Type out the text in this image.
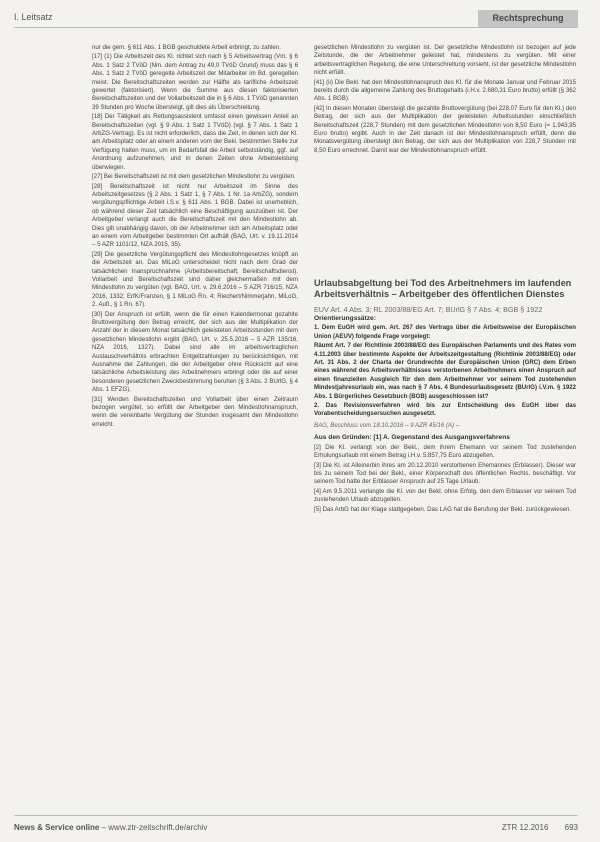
I. Leitsatz	Rechtsprechung

nur die gem. § 611 Abs. 1 BGB geschuldete Arbeit erbringt, zu zahlen.

[17] (1) Die Arbeitszeit des Kl. richtet sich nach § 5 Arbeitsvertrag (Vm. § 6 Abs. 1 Satz 2 TVöD (Nm. dem Antrag zu 49,0 TVöD Grund) muss das § 6 Abs. 1 Satz 2 TVöD geregelte Arbeitszeit der Mitarbeiter im Bd. geregelten meist. Die Bereitschaftszeiten werden zur Hälfte als tarifliche Arbeitszeit gewertet (faktorisiert). Wenn die Summe aus diesen faktorisierten Bereitschaftszeiten und der Vollarbeitszeit die in § 6 Abs. 1 TVöD genannten 39 Stunden pro Woche übersteigt, gilt dies als Überschreitung.

[18] Der Tätigkeit als Rettungsassistent umfasst einen gewissen Anteil an Bereitschaftszeiten (vgl. § 9 Abs. 1 Satz 1 TVöD) (vgl. § 7 Abs. 1 Satz 1 ArbZG-Vertrag). Es ist nicht erforderlich, dass die Zeit, in denen sich der Kl. am Arbeitsplatz oder an einem anderen vom der Bekl. bestimmten Stelle zur Verfügung halten muss, um im Bedarfsfall die Arbeit selbstständig, ggf. auf Anordnung aufzunehmen, und in denen Zeiten ohne Arbeitsleistung überwiegen.

[27] Bei Bereitschaftszeit ist mit dem gesetzlichen Mindestlohn zu vergüten.

[28] Bereitschaftszeit ist nicht nur Arbeitszeit im Sinne des Arbeitszeitgesetzes (§ 2 Abs. 1 Satz 1, § 7 Abs. 1 Nr. 1a ArbZG), sondern vergütungspflichtige Arbeit i.S.v. § 611 Abs. 1 BGB. Dabei ist unerheblich, ob während dieser Zeit tatsächlich eine Beschäftigung auszuüben ist. Der Arbeitgeber verlangt auch die Bereitschaftszeit mit den Mindestlohn ab. Dies gilt unabhängig davon, ob der Arbeitnehmer sich am Arbeitsplatz oder an einem vom Arbeitgeber bestimmten Ort aufhält (BAG, Urt. v. 19.11.2014 – 5 AZR 1101/12, NZA 2015, 35).

[29] Die gesetzliche Vergütungspflicht des Mindestlohngesetzes knüpft an die Arbeitszeit an. Das MiLoG unterscheidet nicht nach dem Grad der tatsächlichen Inanspruchnahme (Arbeitsbereitschaft, Bereitschaftsdienst). Vollarbeit und Bereitschaftszeit sind daher gleichermaßen mit dem Mindestlohn zu vergüten (vgl. BAG, Urt. v. 29.6.2016 – 5 AZR 716/15, NZA 2016, 1332; ErfK/Franzen, § 1 MiLoG Rn. 4; Riechert/Nimmerjahn, MiLoG, 2. Aufl., § 1 Rn. 67).

[30] Der Anspruch ist erfüllt, wenn die für einen Kalendermonat gezahlte Bruttovergütung den Betrag erreicht, der sich aus der Multiplikation der Anzahl der in diesem Monat tatsächlich geleisteten Arbeitsstunden mit dem gesetzlichen Mindestlohn ergibt (BAG, Urt. v. 25.5.2016 – 5 AZR 135/16, NZA 2016, 1327). Dabei sind alle im arbeitsvertraglichen Austauschverhältnis erbrachten Entgeltzahlungen zu berücksichtigen, mit Ausnahme der Zahlungen, die der Arbeitgeber ohne Rücksicht auf eine tatsächliche Arbeitsleistung des Arbeitnehmers erbringt oder die auf einer besonderen gesetzlichen Zweckbestimmung beruhen (§ 3 Abs. 2 BUrlG, § 4 Abs. 1 EFZG).

[31] Werden Bereitschaftszeiten und Vollarbeit über einen Zeitraum bezogen vergütet, so erfüllt der Arbeitgeber den Mindestlohnanspruch, wenn die vereinbarte Vergütung der Stunden insgesamt den Mindestlohn erreicht.

gesetzlichen Mindestlohn zu vergüten ist. Der gesetzliche Mindestlohn ist bezogen auf jede Zeitstunde, die der Arbeitnehmer geleistet hat, mindestens zu vergüten. Mit einer arbeitsvertraglichen Regelung, die eine Unterschreitung vorsieht, ist der gesetzliche Mindestlohn nicht erfüllt.

[41] (ii) Die Bekl. hat den Mindestlohnanspruch des Kl. für die Monate Januar und Februar 2015 bereits durch die allgemeine Zahlung des Bruttogehalts (i.H.v. 2.680,31 Euro brutto) erfüllt (§ 362 Abs. 1 BGB).

[42] In diesen Monaten übersteigt die gezahlte Bruttovergütung (bei 228,07 Euro für den Kl.) den Betrag, der sich aus der Multiplikation der geleisteten Arbeitsstunden einschließlich Bereitschaftszeit (228,7 Stunden) mit dem gesetzlichen Mindestlohn von 8,50 Euro (= 1.943,95 Euro brutto) ergibt. Auch in der Zeit danach ist der Mindestlohnanspruch erfüllt, denn die Monatsvergütung übersteigt den Betrag, der sich aus der Multiplikation von 228,7 Stunden mit 8,50 Euro errechnet. Damit war der Mindestlohnanspruch erfüllt.

Urlaubsabgeltung bei Tod des Arbeitnehmers im laufenden Arbeitsverhältnis – Arbeitgeber des öffentlichen Dienstes

EUV Art. 4 Abs. 3; RL 2003/88/EG Art. 7; BUrlG § 7 Abs. 4; BGB § 1922

Orientierungssätze:

1. Dem EuGH wird gem. Art. 267 des Vertrags über die Arbeitsweise der Europäischen Union (AEUV) folgende Frage vorgelegt:

Räumt Art. 7 der Richtlinie 2003/88/EG des Europäischen Parlaments und des Rates vom 4.11.2003 über bestimmte Aspekte der Arbeitszeitgestaltung (Richtlinie 2003/88/EG) oder Art. 31 Abs. 2 der Charta der Grundrechte der Europäischen Union (GRC) dem Erben eines während des Arbeitsverhältnisses verstorbenen Arbeitnehmers einen Anspruch auf einen finanziellen Ausgleich für den dem Arbeitnehmer vor seinem Tod zustehenden Mindestjahresurlaub ein, was nach § 7 Abs. 4 Bundesurlaubsgesetz (BUrlG) i.V.m. § 1922 Abs. 1 Bürgerliches Gesetzbuch (BGB) ausgeschlossen ist?

2. Das Revisionsverfahren wird bis zur Entscheidung des EuGH über das Vorabentscheidungsersuchen ausgesetzt.

BAG, Beschluss vom 18.10.2016 – 9 AZR 45/16 (A) –

Aus den Gründen: [1] A. Gegenstand des Ausgangsverfahrens

[2] Die Kl. verlangt von der Bekl., dem ihrem Ehemann vor seinem Tod zustehenden Erholungsurlaub mit einem Betrag i.H.v. 5.857,75 Euro abzugelten.

[3] Die Kl. ist Alleinerbin ihres am 20.12.2010 verstorbenen Ehemannes (Erblasser). Dieser war bis zu seinem Tod bei der Bekl., einer Körperschaft des öffentlichen Rechts, beschäftigt. Vor seinem Tod hatte der Erblasser Anspruch auf 25 Tage Urlaub.

[4] Am 9.5.2011 verlangte die Kl. von der Bekl. ohne Erfolg, den dem Erblasser vor seinem Tod zustehenden Urlaub abzugelten.

[5] Das ArbG hat der Klage stattgegeben. Das LAG hat die Berufung der Bekl. zurückgewiesen.

News & Service online – www.ztr-zeitschrift.de/archiv	ZTR 12.2016 693
